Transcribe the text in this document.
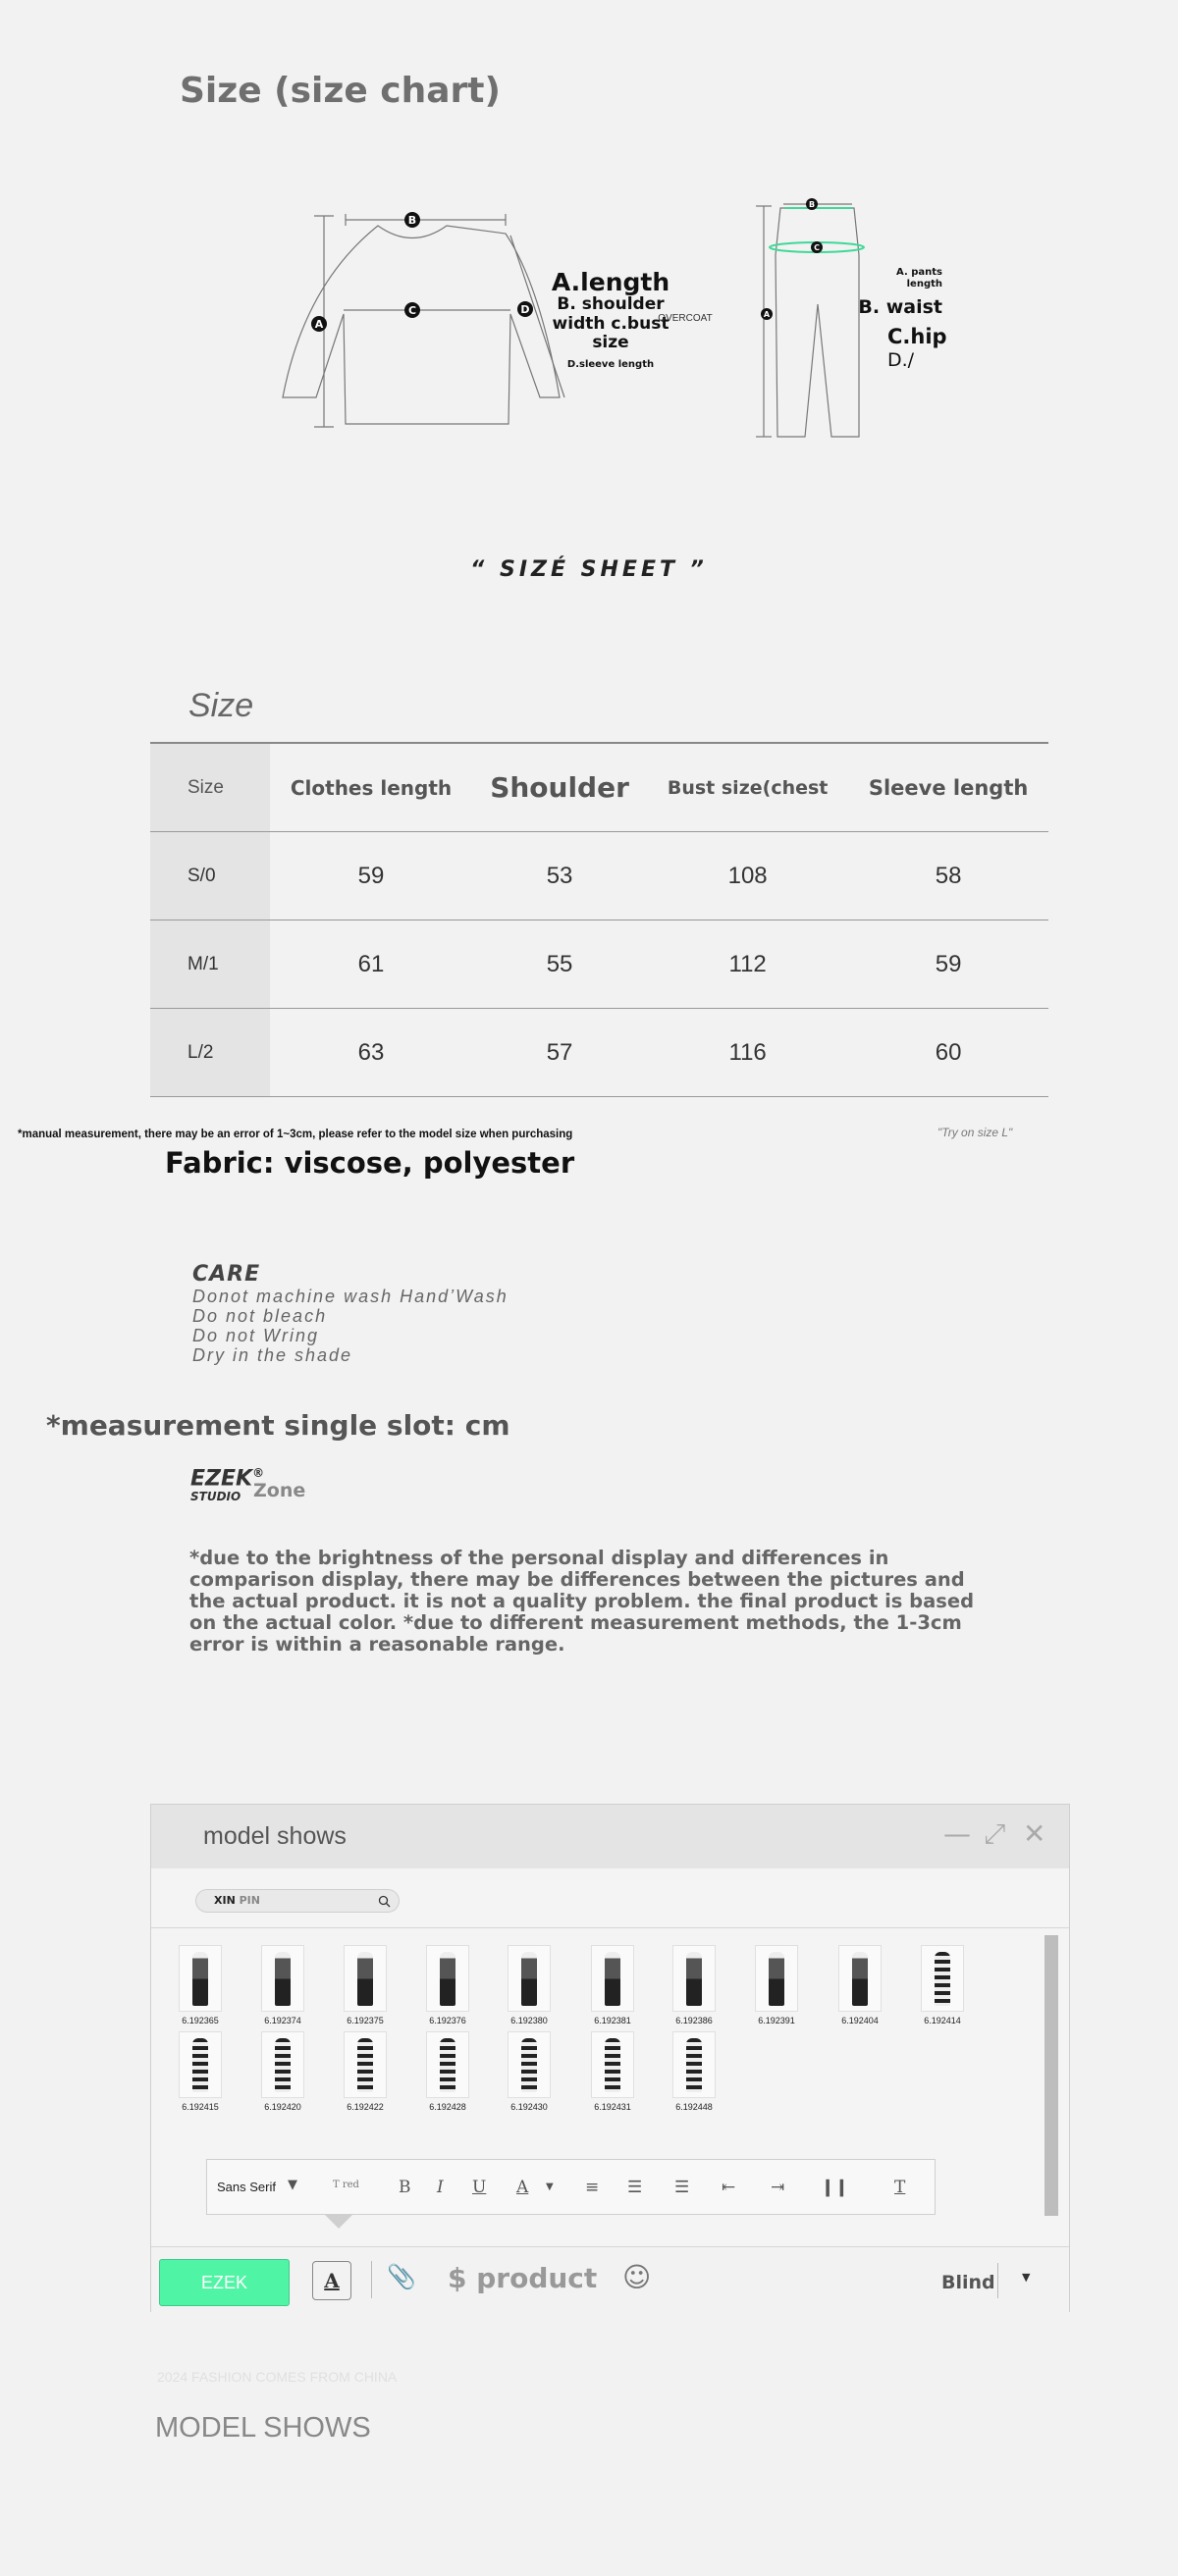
Size (size chart)
B
A
C	D
A.length
B. shoulder
width c.bust
size
D.sleeve length
OVERCOAT
B
C
A
A. pants
length
B. waist
C.hip
D./
“ SIZÉ SHEET ”
Size
Size	Clothes length	Shoulder	Bust size(chest	Sleeve length
S/0	59	53	108	58
M/1	61	55	112	59
L/2	63	57	116	60
*manual measurement, there may be an error of 1~3cm, please refer to the model size when purchasing	"Try on size L"
Fabric: viscose, polyester
CARE
Donot machine wash Hand’Wash
Do not bleach
Do not Wring
Dry in the shade
*measurement single slot: cm
EZEK®
STUDIO Zone
*due to the brightness of the personal display and differences in comparison display, there may be differences between the pictures and the actual product. it is not a quality problem. the final product is based on the actual color. *due to different measurement methods, the 1-3cm error is within a reasonable range.
model shows	— ⤢ ✕
XIN PIN
6.192365	6.192374	6.192375	6.192376	6.192380	6.192381	6.192386	6.192391	6.192404	6.192414
6.192415	6.192420	6.192422	6.192428	6.192430	6.192431	6.192448
Sans Serif ▼	T red B I U A ▼ ≡ ☰ ☰ ⇤ ⇥ ❙❙	T
EZEK	A	📎 $ product ☺	Blind ▼
2024 FASHION COMES FROM CHINA
MODEL SHOWS
